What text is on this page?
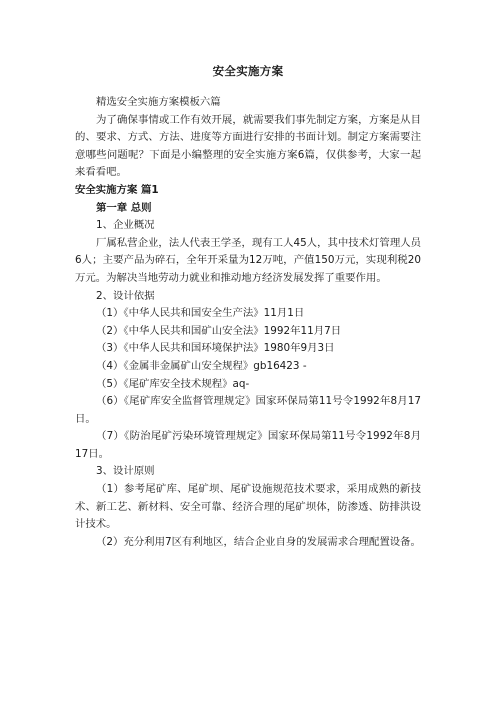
安全实施方案

精选安全实施方案模板六篇

为了确保事情或工作有效开展，就需要我们事先制定方案，方案是从目的、要求、方式、方法、进度等方面进行安排的书面计划。制定方案需要注意哪些问题呢？下面是小编整理的安全实施方案6篇，仅供参考，大家一起来看看吧。

安全实施方案 篇1

第一章 总则

1、企业概况

厂属私营企业，法人代表王学圣，现有工人45人，其中技术灯管理人员6人；主要产品为碎石，全年开采量为12万吨，产值150万元，实现利税20万元。为解决当地劳动力就业和推动地方经济发展发挥了重要作用。

2、设计依据

（1）《中华人民共和国安全生产法》11月1日

（2）《中华人民共和国矿山安全法》1992年11月7日

（3）《中华人民共和国环境保护法》1980年9月3日

（4）《金属非金属矿山安全规程》gb16423 -

（5）《尾矿库安全技术规程》aq-

（6）《尾矿库安全监督管理规定》国家环保局第11号令1992年8月17日。

（7）《防治尾矿污染环境管理规定》国家环保局第11号令1992年8月17日。

3、设计原则

（1）参考尾矿库、尾矿坝、尾矿设施规范技术要求，采用成熟的新技术、新工艺、新材料、安全可靠、经济合理的尾矿坝体，防渗透、防排洪设计技术。

（2）充分利用7区有利地区，结合企业自身的发展需求合理配置设备。
